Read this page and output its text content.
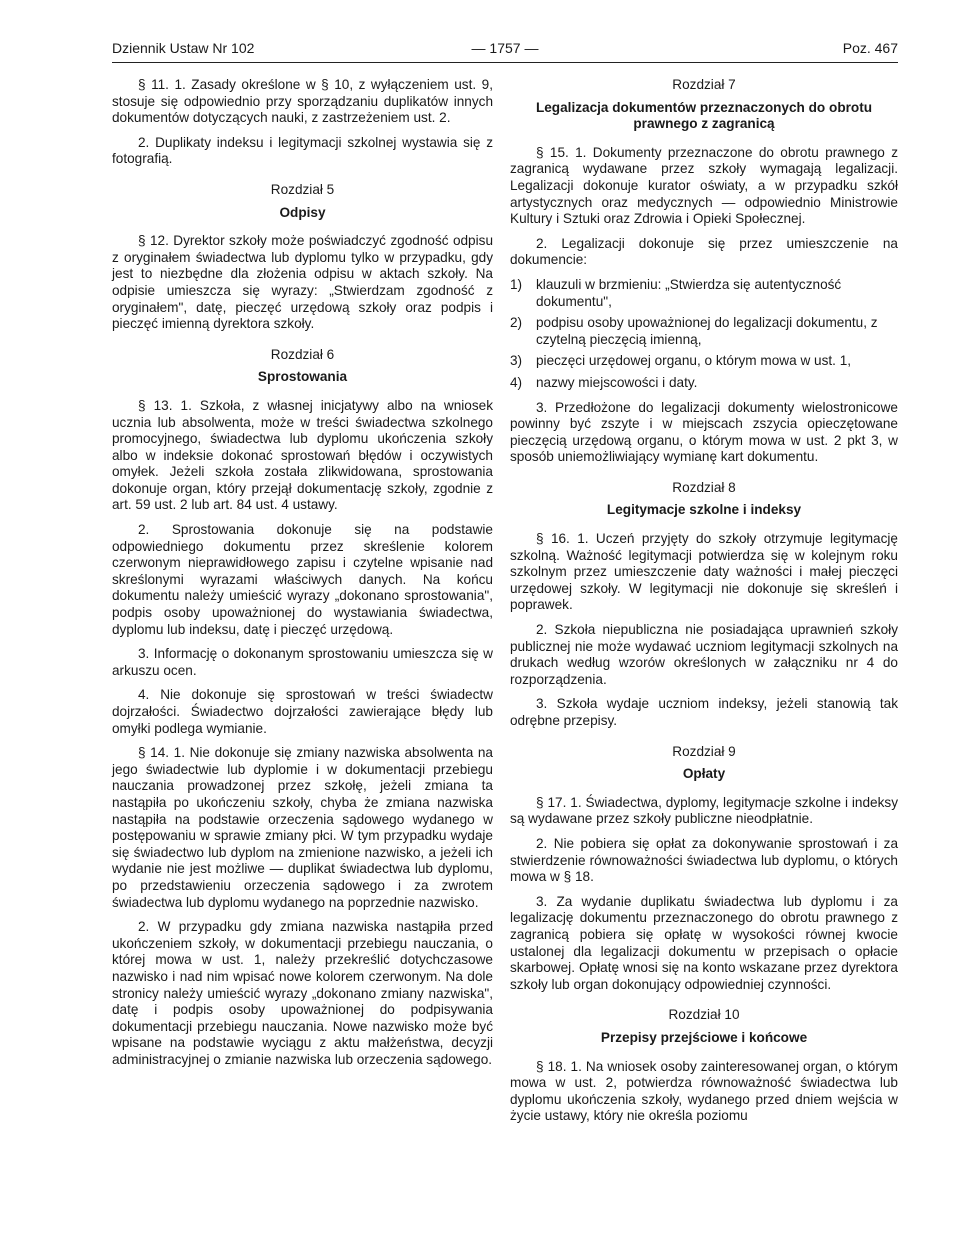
Dziennik Ustaw Nr 102	— 1757 —	Poz. 467

§ 11. 1. Zasady określone w § 10, z wyłączeniem ust. 9, stosuje się odpowiednio przy sporządzaniu duplikatów innych dokumentów dotyczących nauki, z zastrzeżeniem ust. 2.

2. Duplikaty indeksu i legitymacji szkolnej wystawia się z fotografią.

Rozdział 5
Odpisy

§ 12. Dyrektor szkoły może poświadczyć zgodność odpisu z oryginałem świadectwa lub dyplomu tylko w przypadku, gdy jest to niezbędne dla złożenia odpisu w aktach szkoły. Na odpisie umieszcza się wyrazy: „Stwierdzam zgodność z oryginałem", datę, pieczęć urzędową szkoły oraz podpis i pieczęć imienną dyrektora szkoły.

Rozdział 6
Sprostowania

§ 13. 1. Szkoła, z własnej inicjatywy albo na wniosek ucznia lub absolwenta, może w treści świadectwa szkolnego promocyjnego, świadectwa lub dyplomu ukończenia szkoły albo w indeksie dokonać sprostowań błędów i oczywistych omyłek. Jeżeli szkoła została zlikwidowana, sprostowania dokonuje organ, który przejął dokumentację szkoły, zgodnie z art. 59 ust. 2 lub art. 84 ust. 4 ustawy.

2. Sprostowania dokonuje się na podstawie odpowiedniego dokumentu przez skreślenie kolorem czerwonym nieprawidłowego zapisu i czytelne wpisanie nad skreślonymi wyrazami właściwych danych. Na końcu dokumentu należy umieścić wyrazy „dokonano sprostowania", podpis osoby upoważnionej do wystawiania świadectwa, dyplomu lub indeksu, datę i pieczęć urzędową.

3. Informację o dokonanym sprostowaniu umieszcza się w arkuszu ocen.

4. Nie dokonuje się sprostowań w treści świadectw dojrzałości. Świadectwo dojrzałości zawierające błędy lub omyłki podlega wymianie.

§ 14. 1. Nie dokonuje się zmiany nazwiska absolwenta na jego świadectwie lub dyplomie i w dokumentacji przebiegu nauczania prowadzonej przez szkołę, jeżeli zmiana ta nastąpiła po ukończeniu szkoły, chyba że zmiana nazwiska nastąpiła na podstawie orzeczenia sądowego wydanego w postępowaniu w sprawie zmiany płci. W tym przypadku wydaje się świadectwo lub dyplom na zmienione nazwisko, a jeżeli ich wydanie nie jest możliwe — duplikat świadectwa lub dyplomu, po przedstawieniu orzeczenia sądowego i za zwrotem świadectwa lub dyplomu wydanego na poprzednie nazwisko.

2. W przypadku gdy zmiana nazwiska nastąpiła przed ukończeniem szkoły, w dokumentacji przebiegu nauczania, o której mowa w ust. 1, należy przekreślić dotychczasowe nazwisko i nad nim wpisać nowe kolorem czerwonym. Na dole stronicy należy umieścić wyrazy „dokonano zmiany nazwiska", datę i podpis osoby upoważnionej do podpisywania dokumentacji przebiegu nauczania. Nowe nazwisko może być wpisane na podstawie wyciągu z aktu małżeństwa, decyzji administracyjnej o zmianie nazwiska lub orzeczenia sądowego.

Rozdział 7
Legalizacja dokumentów przeznaczonych do obrotu prawnego z zagranicą

§ 15. 1. Dokumenty przeznaczone do obrotu prawnego z zagranicą wydawane przez szkoły wymagają legalizacji. Legalizacji dokonuje kurator oświaty, a w przypadku szkół artystycznych oraz medycznych — odpowiednio Ministrowie Kultury i Sztuki oraz Zdrowia i Opieki Społecznej.

2. Legalizacji dokonuje się przez umieszczenie na dokumencie:

1)	klauzuli w brzmieniu: „Stwierdza się autentyczność dokumentu",
2)	podpisu osoby upoważnionej do legalizacji dokumentu, z czytelną pieczęcią imienną,
3)	pieczęci urzędowej organu, o którym mowa w ust. 1,
4)	nazwy miejscowości i daty.

3. Przedłożone do legalizacji dokumenty wielostronicowe powinny być zszyte i w miejscach zszycia opieczętowane pieczęcią urzędową organu, o którym mowa w ust. 2 pkt 3, w sposób uniemożliwiający wymianę kart dokumentu.

Rozdział 8
Legitymacje szkolne i indeksy

§ 16. 1. Uczeń przyjęty do szkoły otrzymuje legitymację szkolną. Ważność legitymacji potwierdza się w kolejnym roku szkolnym przez umieszczenie daty ważności i małej pieczęci urzędowej szkoły. W legitymacji nie dokonuje się skreśleń i poprawek.

2. Szkoła niepubliczna nie posiadająca uprawnień szkoły publicznej nie może wydawać uczniom legitymacji szkolnych na drukach według wzorów określonych w załączniku nr 4 do rozporządzenia.

3. Szkoła wydaje uczniom indeksy, jeżeli stanowią tak odrębne przepisy.

Rozdział 9
Opłaty

§ 17. 1. Świadectwa, dyplomy, legitymacje szkolne i indeksy są wydawane przez szkoły publiczne nieodpłatnie.

2. Nie pobiera się opłat za dokonywanie sprostowań i za stwierdzenie równoważności świadectwa lub dyplomu, o których mowa w § 18.

3. Za wydanie duplikatu świadectwa lub dyplomu i za legalizację dokumentu przeznaczonego do obrotu prawnego z zagranicą pobiera się opłatę w wysokości równej kwocie ustalonej dla legalizacji dokumentu w przepisach o opłacie skarbowej. Opłatę wnosi się na konto wskazane przez dyrektora szkoły lub organ dokonujący odpowiedniej czynności.

Rozdział 10
Przepisy przejściowe i końcowe

§ 18. 1. Na wniosek osoby zainteresowanej organ, o którym mowa w ust. 2, potwierdza równoważność świadectwa lub dyplomu ukończenia szkoły, wydanego przed dniem wejścia w życie ustawy, który nie określa poziomu
